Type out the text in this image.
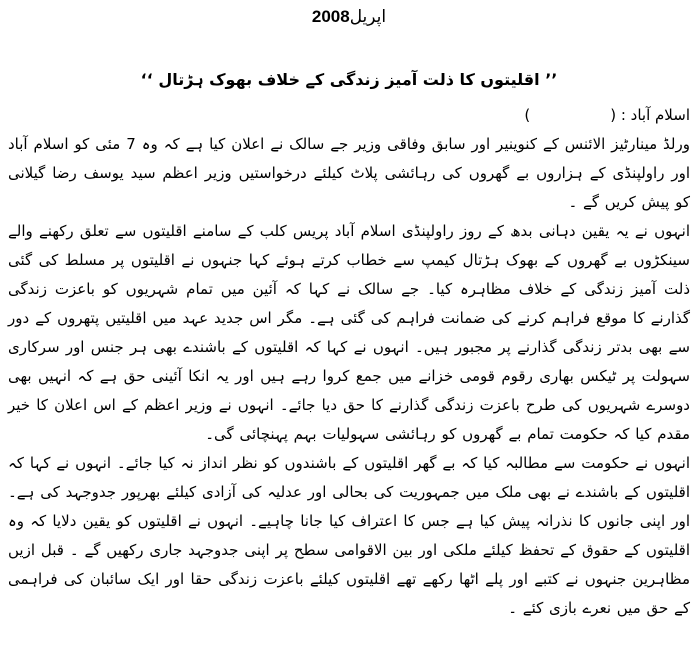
اپریل2008
’’ اقلیتوں کا ذلت آمیز زندگی کے خلاف بھوک ہڑتال ‘‘
اسلام آباد : ()

ورلڈ مینارٹیز الائنس کے کنوینیر اور سابق وفاقی وزیر جے سالک نے اعلان کیا ہے کہ وہ 7 مئی کو اسلام آباد اور راولپنڈی کے ہزاروں بے گھروں کی رہائشی پلاٹ کیلئے درخواستیں وزیر اعظم سید یوسف رضا گیلانی کو پیش کریں گے ۔

انہوں نے یہ یقین دہانی بدھ کے روز راولپنڈی اسلام آباد پریس کلب کے سامنے اقلیتوں سے تعلق رکھنے والے سینکڑوں بے گھروں کے بھوک ہڑتال کیمپ سے خطاب کرتے ہوئے کہا جنہوں نے اقلیتوں پر مسلط کی گئی ذلت آمیز زندگی کے خلاف مظاہرہ کیا۔ جے سالک نے کہا کہ آئین میں تمام شہریوں کو باعزت زندگی گذارنے کا موقع فراہم کرنے کی ضمانت فراہم کی گئی ہے۔ مگر اس جدید عہد میں اقلیتیں پتھروں کے دور سے بھی بدتر زندگی گذارنے پر مجبور ہیں۔ انہوں نے کہا کہ اقلیتوں کے باشندے بھی ہر جنس اور سرکاری سہولت پر ٹیکس بھاری رقوم قومی خزانے میں جمع کروا رہے ہیں اور یہ انکا آئینی حق ہے کہ انہیں بھی دوسرے شہریوں کی طرح باعزت زندگی گذارنے کا حق دیا جائے۔ انہوں نے وزیر اعظم کے اس اعلان کا خیر مقدم کیا کہ حکومت تمام بے گھروں کو رہائشی سہولیات بہم پہنچائی گی۔

انہوں نے حکومت سے مطالبہ کیا کہ بے گھر اقلیتوں کے باشندوں کو نظر انداز نہ کیا جائے۔ انہوں نے کہا کہ اقلیتوں کے باشندے نے بھی ملک میں جمہوریت کی بحالی اور عدلیہ کی آزادی کیلئے بھرپور جدوجہد کی ہے۔ اور اپنی جانوں کا نذرانہ پیش کیا ہے جس کا اعتراف کیا جانا چاہیے۔ انہوں نے اقلیتوں کو یقین دلایا کہ وہ اقلیتوں کے حقوق کے تحفظ کیلئے ملکی اور بین الاقوامی سطح پر اپنی جدوجہد جاری رکھیں گے ۔ قبل ازیں مظاہرین جنہوں نے کتبے اور پلے اٹھا رکھے تھے اقلیتوں کیلئے باعزت زندگی حقا اور ایک سائبان کی فراہمی کے حق میں نعرے بازی کئے ۔
